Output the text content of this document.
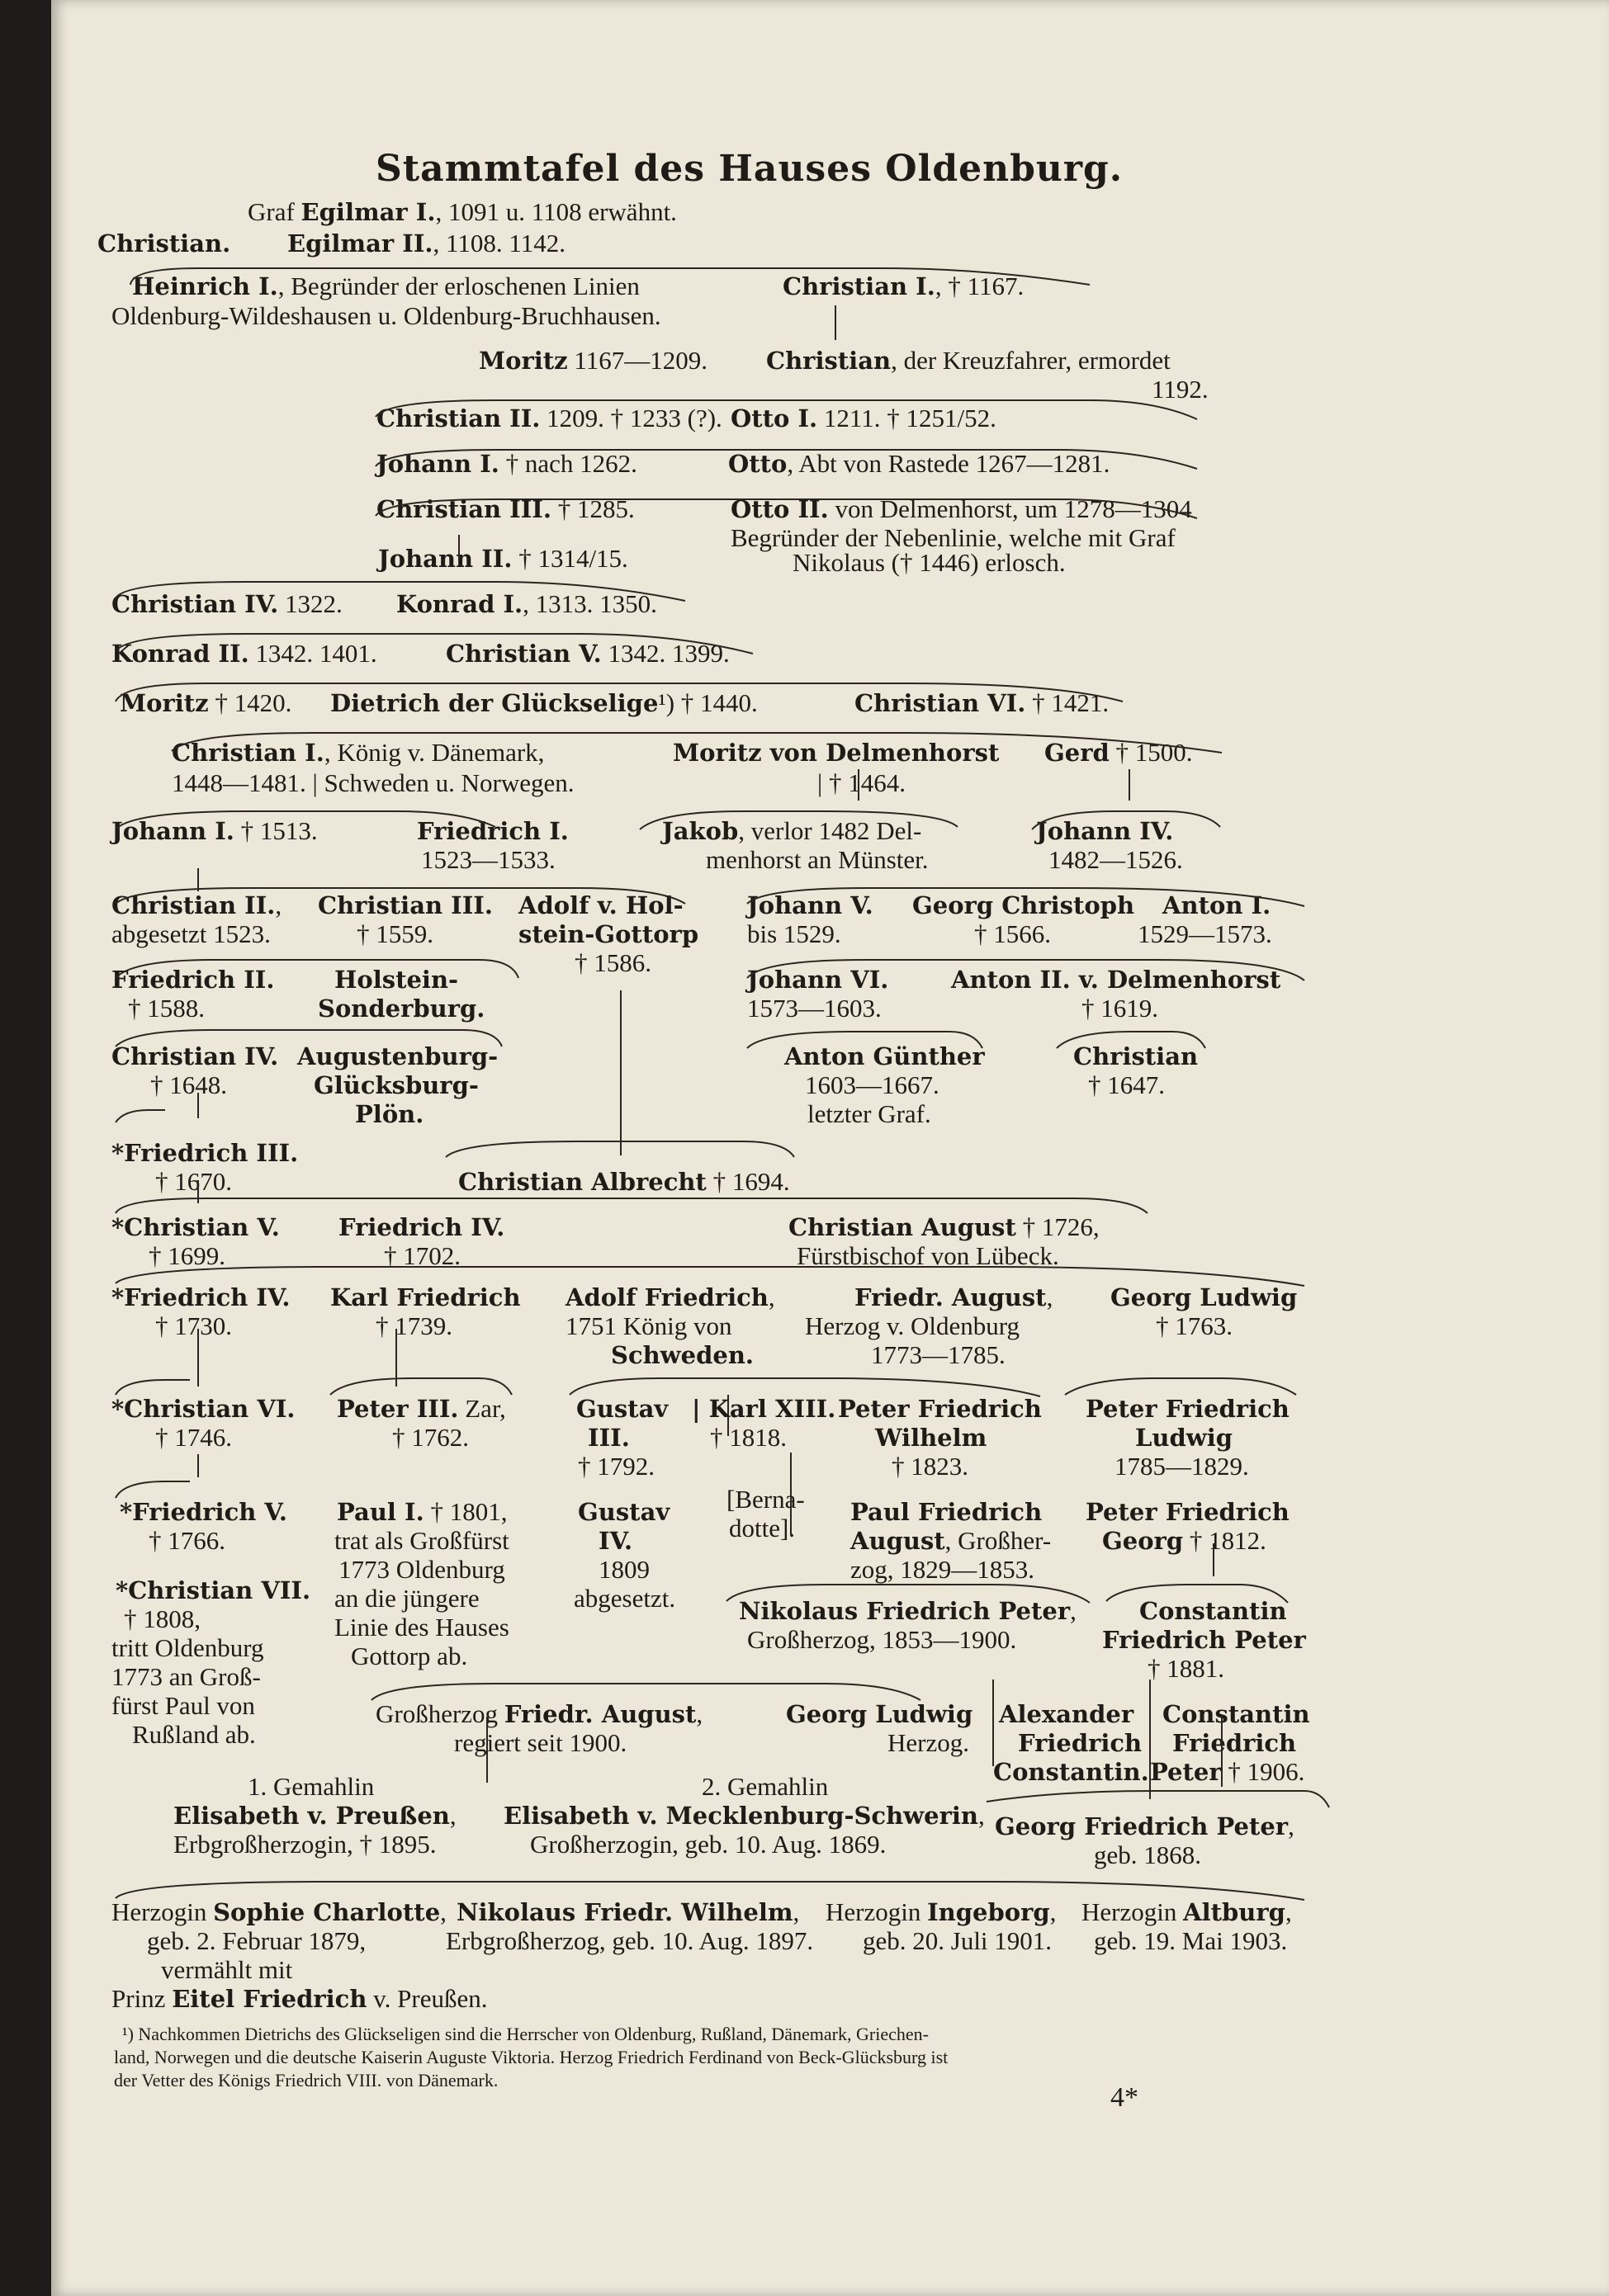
Stammtafel des Hauses Oldenburg.
Graf Egilmar I., 1091 u. 1108 erwähnt.
Christian. Egilmar II., 1108. 1142.
Heinrich I., Begründer der erloschenen Linien
Oldenburg-Wildeshausen u. Oldenburg-Bruchhausen.
Christian I., † 1167.
Moritz 1167—1209. Christian, der Kreuzfahrer, ermordet
1192.
Christian II. 1209. † 1233 (?). Otto I. 1211. † 1251/52.
Johann I. † nach 1262.	Otto, Abt von Rastede 1267—1281.
Christian III. † 1285.	Otto II. von Delmenhorst, um 1278—1304
Begründer der Nebenlinie, welche mit Graf
Nikolaus († 1446) erlosch.
Johann II. † 1314/15.
Christian IV. 1322. Konrad I., 1313. 1350.
Konrad II. 1342. 1401.	Christian V. 1342. 1399.
Moritz † 1420. Dietrich der Glückselige¹) † 1440.	Christian VI. † 1421.
Christian I., König v. Dänemark,
1448—1481. | Schweden u. Norwegen.
Moritz von Delmenhorst
| † 1464.
Gerd † 1500.
Johann I. † 1513.	Friedrich I.
1523—1533.
Jakob, verlor 1482 Del-
menhorst an Münster.
Johann IV.
1482—1526.
Christian II.,
abgesetzt 1523.
Christian III.
† 1559.
Adolf v. Hol-
stein-Gottorp
† 1586.
Johann V.
bis 1529.
Georg Christoph
† 1566.
Anton I.
1529—1573.
Friedrich II.
† 1588.
Holstein-
Sonderburg.
Johann VI.
1573—1603.
Anton II. v. Delmenhorst
† 1619.
Christian IV.
† 1648.
Augustenburg-
Glücksburg-
Plön.
Anton Günther
1603—1667.
letzter Graf.
Christian
† 1647.
*Friedrich III.
† 1670.	Christian Albrecht † 1694.
*Christian V.
† 1699.
Friedrich IV.
† 1702.
Christian August † 1726,
Fürstbischof von Lübeck.
*Friedrich IV.
† 1730.
Karl Friedrich
† 1739.
Adolf Friedrich,
1751 König von
Schweden.
Friedr. August,
Herzog v. Oldenburg
1773—1785.
Georg Ludwig
† 1763.
*Christian VI.
† 1746.
Peter III. Zar,
† 1762.
Gustav
III.
† 1792.
| Karl XIII.
† 1818.
Peter Friedrich
Wilhelm
† 1823.
Peter Friedrich
Ludwig
1785—1829.
*Friedrich V.
† 1766.
Paul I. † 1801,
trat als Großfürst
1773 Oldenburg
an die jüngere
Linie des Hauses
Gottorp ab.
Gustav
IV.
1809
abgesetzt.
[Berna-
dotte].
Paul Friedrich
August, Großher-
zog, 1829—1853.
Peter Friedrich
Georg † 1812.
*Christian VII.
† 1808,
tritt Oldenburg
1773 an Groß-
fürst Paul von
Rußland ab.
Nikolaus Friedrich Peter,
Großherzog, 1853—1900.
Constantin
Friedrich Peter
† 1881.
Großherzog Friedr. August,
regiert seit 1900.
Georg Ludwig
Herzog.
Alexander
Friedrich
Constantin.
Constantin
Friedrich
Peter † 1906.
1. Gemahlin	2. Gemahlin
Elisabeth v. Preußen,
Erbgroßherzogin, † 1895.
Elisabeth v. Mecklenburg-Schwerin,
Großherzogin, geb. 10. Aug. 1869.
Georg Friedrich Peter,
geb. 1868.
Herzogin Sophie Charlotte,
geb. 2. Februar 1879,
vermählt mit
Prinz Eitel Friedrich v. Preußen.
Nikolaus Friedr. Wilhelm,
Erbgroßherzog, geb. 10. Aug. 1897.
Herzogin Ingeborg,
geb. 20. Juli 1901.
Herzogin Altburg,
geb. 19. Mai 1903.
¹) Nachkommen Dietrichs des Glückseligen sind die Herrscher von Oldenburg, Rußland, Dänemark, Griechen-
land, Norwegen und die deutsche Kaiserin Auguste Viktoria. Herzog Friedrich Ferdinand von Beck-Glücksburg ist
der Vetter des Königs Friedrich VIII. von Dänemark.
4*
